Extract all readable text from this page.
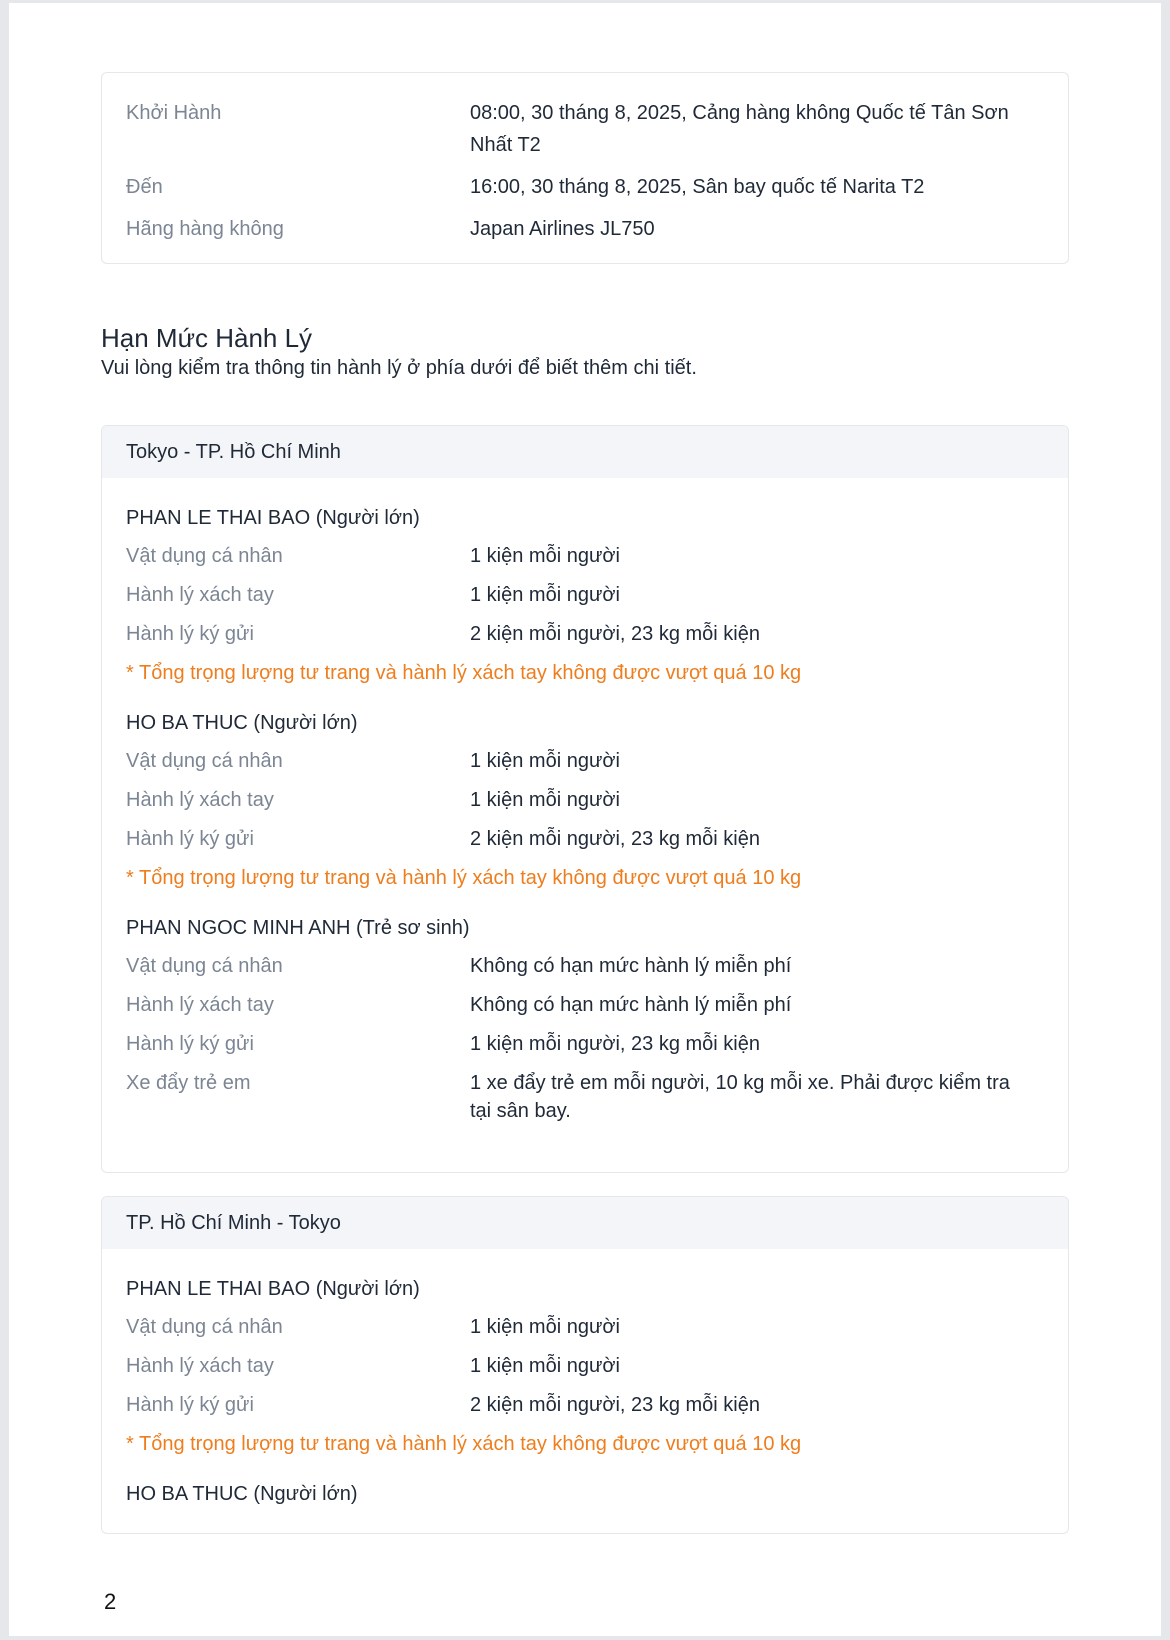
Khởi Hành	08:00, 30 tháng 8, 2025, Cảng hàng không Quốc tế Tân Sơn Nhất T2
Đến	16:00, 30 tháng 8, 2025, Sân bay quốc tế Narita T2
Hãng hàng không	Japan Airlines JL750
Hạn Mức Hành Lý
Vui lòng kiểm tra thông tin hành lý ở phía dưới để biết thêm chi tiết.
Tokyo - TP. Hồ Chí Minh
PHAN LE THAI BAO (Người lớn)
Vật dụng cá nhân	1 kiện mỗi người
Hành lý xách tay	1 kiện mỗi người
Hành lý ký gửi	2 kiện mỗi người, 23 kg mỗi kiện
* Tổng trọng lượng tư trang và hành lý xách tay không được vượt quá 10 kg
HO BA THUC (Người lớn)
Vật dụng cá nhân	1 kiện mỗi người
Hành lý xách tay	1 kiện mỗi người
Hành lý ký gửi	2 kiện mỗi người, 23 kg mỗi kiện
* Tổng trọng lượng tư trang và hành lý xách tay không được vượt quá 10 kg
PHAN NGOC MINH ANH (Trẻ sơ sinh)
Vật dụng cá nhân	Không có hạn mức hành lý miễn phí
Hành lý xách tay	Không có hạn mức hành lý miễn phí
Hành lý ký gửi	1 kiện mỗi người, 23 kg mỗi kiện
Xe đẩy trẻ em	1 xe đẩy trẻ em mỗi người, 10 kg mỗi xe. Phải được kiểm tra tại sân bay.
TP. Hồ Chí Minh - Tokyo
PHAN LE THAI BAO (Người lớn)
Vật dụng cá nhân	1 kiện mỗi người
Hành lý xách tay	1 kiện mỗi người
Hành lý ký gửi	2 kiện mỗi người, 23 kg mỗi kiện
* Tổng trọng lượng tư trang và hành lý xách tay không được vượt quá 10 kg
HO BA THUC (Người lớn)
2
